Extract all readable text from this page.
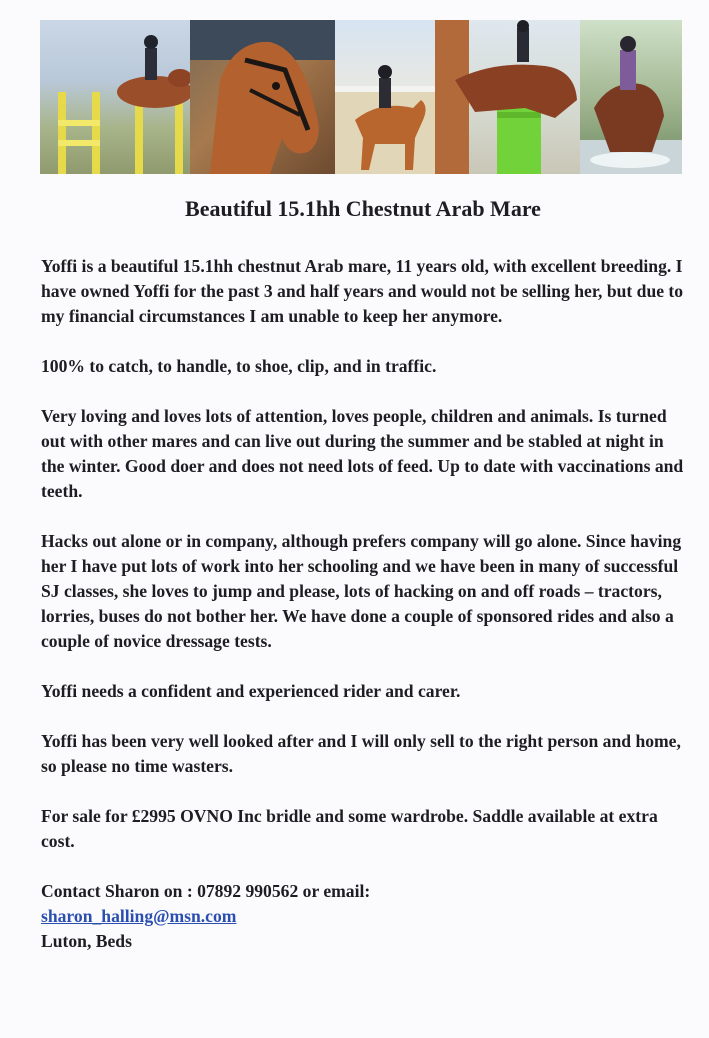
Beautiful 15.1hh Chestnut Arab Mare

Yoffi is a beautiful 15.1hh chestnut Arab mare, 11 years old, with excellent breeding. I have owned Yoffi for the past 3 and half years and would not be selling her, but due to my financial circumstances I am unable to keep her anymore.

100% to catch, to handle, to shoe, clip, and in traffic.

Very loving and loves lots of attention, loves people, children and animals. Is turned out with other mares and can live out during the summer and be stabled at night in the winter. Good doer and does not need lots of feed. Up to date with vaccinations and teeth.

Hacks out alone or in company, although prefers company will go alone. Since having her I have put lots of work into her schooling and we have been in many of successful SJ classes, she loves to jump and please, lots of hacking on and off roads – tractors, lorries, buses do not bother her. We have done a couple of sponsored rides and also a couple of novice dressage tests.

Yoffi needs a confident and experienced rider and carer.

Yoffi has been very well looked after and I will only sell to the right person and home, so please no time wasters.

For sale for £2995 OVNO Inc bridle and some wardrobe. Saddle available at extra cost.

Contact Sharon on : 07892 990562 or email:

sharon_halling@msn.com

Luton, Beds
